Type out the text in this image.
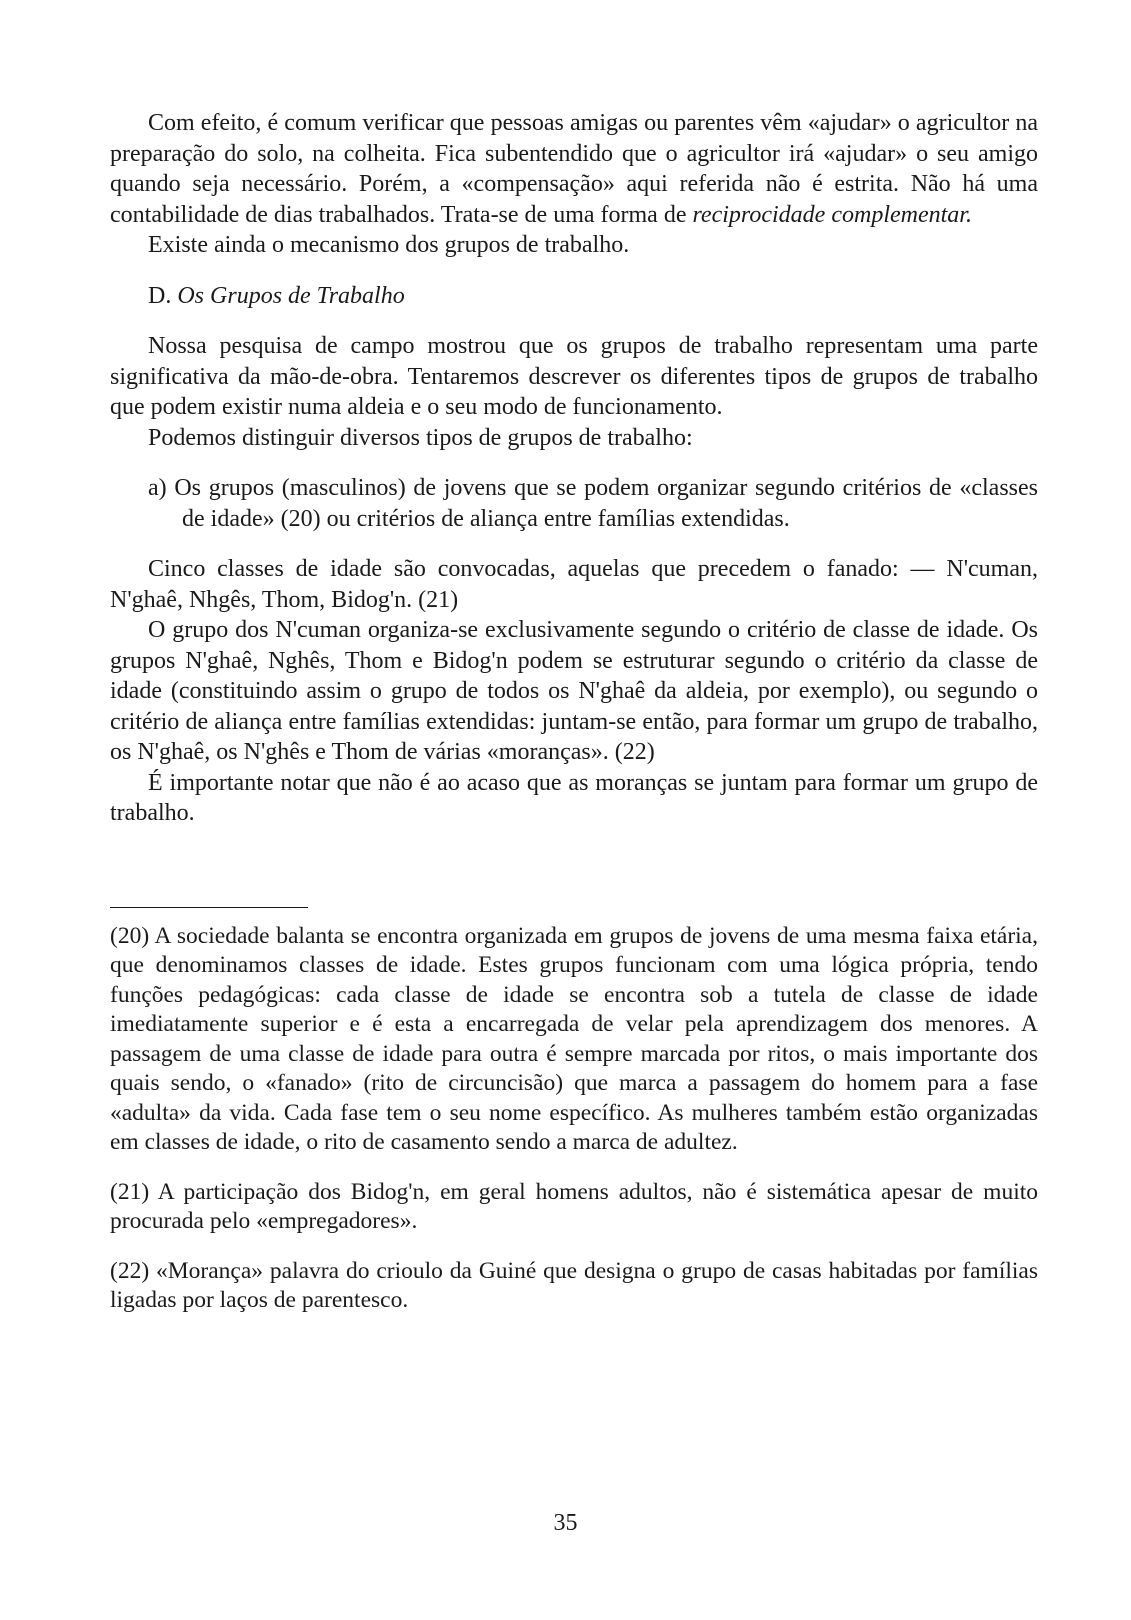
Com efeito, é comum verificar que pessoas amigas ou parentes vêm «ajudar» o agricultor na preparação do solo, na colheita. Fica subentendido que o agricultor irá «ajudar» o seu amigo quando seja necessário. Porém, a «compensação» aqui referida não é estrita. Não há uma contabilidade de dias trabalhados. Trata-se de uma forma de reciprocidade complementar.

Existe ainda o mecanismo dos grupos de trabalho.

D. Os Grupos de Trabalho

Nossa pesquisa de campo mostrou que os grupos de trabalho representam uma parte significativa da mão-de-obra. Tentaremos descrever os diferentes tipos de grupos de trabalho que podem existir numa aldeia e o seu modo de funcionamento.

Podemos distinguir diversos tipos de grupos de trabalho:

a) Os grupos (masculinos) de jovens que se podem organizar segundo critérios de «classes de idade» (20) ou critérios de aliança entre famílias extendidas.

Cinco classes de idade são convocadas, aquelas que precedem o fanado: — N'cuman, N'ghaê, Nhgês, Thom, Bidog'n. (21)

O grupo dos N'cuman organiza-se exclusivamente segundo o critério de classe de idade. Os grupos N'ghaê, Nghês, Thom e Bidog'n podem se estruturar segundo o critério da classe de idade (constituindo assim o grupo de todos os N'ghaê da aldeia, por exemplo), ou segundo o critério de aliança entre famílias extendidas: juntam-se então, para formar um grupo de trabalho, os N'ghaê, os N'ghês e Thom de várias «moranças». (22)

É importante notar que não é ao acaso que as moranças se juntam para formar um grupo de trabalho.

(20) A sociedade balanta se encontra organizada em grupos de jovens de uma mesma faixa etária, que denominamos classes de idade. Estes grupos funcionam com uma lógica própria, tendo funções pedagógicas: cada classe de idade se encontra sob a tutela de classe de idade imediatamente superior e é esta a encarregada de velar pela aprendizagem dos menores. A passagem de uma classe de idade para outra é sempre marcada por ritos, o mais importante dos quais sendo, o «fanado» (rito de circuncisão) que marca a passagem do homem para a fase «adulta» da vida. Cada fase tem o seu nome específico. As mulheres também estão organizadas em classes de idade, o rito de casamento sendo a marca de adultez.

(21) A participação dos Bidog'n, em geral homens adultos, não é sistemática apesar de muito procurada pelo «empregadores».

(22) «Morança» palavra do crioulo da Guiné que designa o grupo de casas habitadas por famílias ligadas por laços de parentesco.

35
